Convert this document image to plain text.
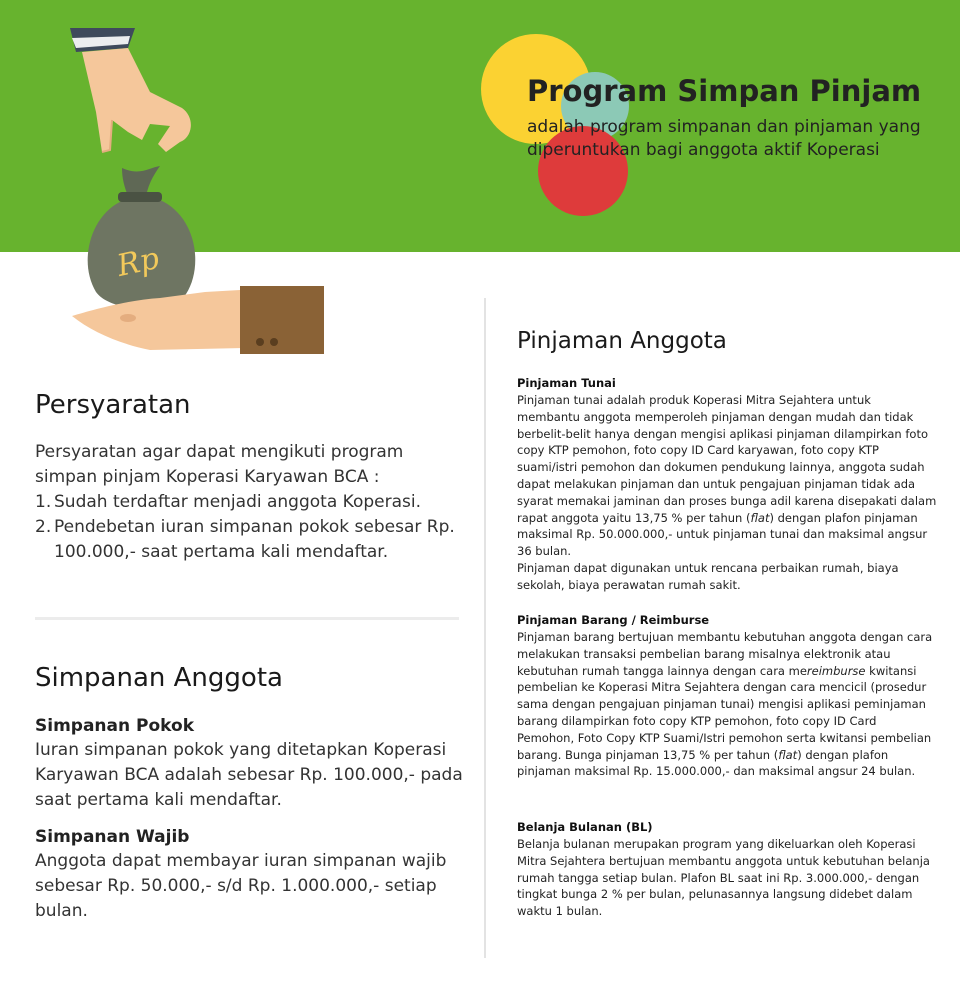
Rp
Program Simpan Pinjam

adalah program simpanan dan pinjaman yang diperuntukan bagi anggota aktif Koperasi

Persyaratan
Persyaratan agar dapat mengikuti program simpan pinjam Koperasi Karyawan BCA :
1. Sudah terdaftar menjadi anggota Koperasi.
2. Pendebetan iuran simpanan pokok sebesar Rp. 100.000,- saat pertama kali mendaftar.
Simpanan Anggota
Simpanan Pokok

Iuran simpanan pokok yang ditetapkan Koperasi Karyawan BCA adalah sebesar Rp. 100.000,- pada saat pertama kali mendaftar.

Simpanan Wajib

Anggota dapat membayar iuran simpanan wajib sebesar Rp. 50.000,- s/d Rp. 1.000.000,- setiap bulan.

Pinjaman Anggota
Pinjaman Tunai

Pinjaman tunai adalah produk Koperasi Mitra Sejahtera untuk membantu anggota memperoleh pinjaman dengan mudah dan tidak berbelit-belit hanya dengan mengisi aplikasi pinjaman dilampirkan foto copy KTP pemohon, foto copy ID Card karyawan, foto copy KTP suami/istri pemohon dan dokumen pendukung lainnya, anggota sudah dapat melakukan pinjaman dan untuk pengajuan pinjaman tidak ada syarat memakai jaminan dan proses bunga adil karena disepakati dalam rapat anggota yaitu 13,75 % per tahun (flat) dengan plafon pinjaman maksimal Rp. 50.000.000,- untuk pinjaman tunai dan maksimal angsur 36 bulan.

Pinjaman dapat digunakan untuk rencana perbaikan rumah, biaya sekolah, biaya perawatan rumah sakit.

Pinjaman Barang / Reimburse

Pinjaman barang bertujuan membantu kebutuhan anggota dengan cara melakukan transaksi pembelian barang misalnya elektronik atau kebutuhan rumah tangga lainnya dengan cara mereimburse kwitansi pembelian ke Koperasi Mitra Sejahtera dengan cara mencicil (prosedur sama dengan pengajuan pinjaman tunai) mengisi aplikasi peminjaman barang dilampirkan foto copy KTP pemohon, foto copy ID Card Pemohon, Foto Copy KTP Suami/Istri pemohon serta kwitansi pembelian barang. Bunga pinjaman 13,75 % per tahun (flat) dengan plafon pinjaman maksimal Rp. 15.000.000,- dan maksimal angsur 24 bulan.

Belanja Bulanan (BL)

Belanja bulanan merupakan program yang dikeluarkan oleh Koperasi Mitra Sejahtera bertujuan membantu anggota untuk kebutuhan belanja rumah tangga setiap bulan. Plafon BL saat ini Rp. 3.000.000,- dengan tingkat bunga 2 % per bulan, pelunasannya langsung didebet dalam waktu 1 bulan.
